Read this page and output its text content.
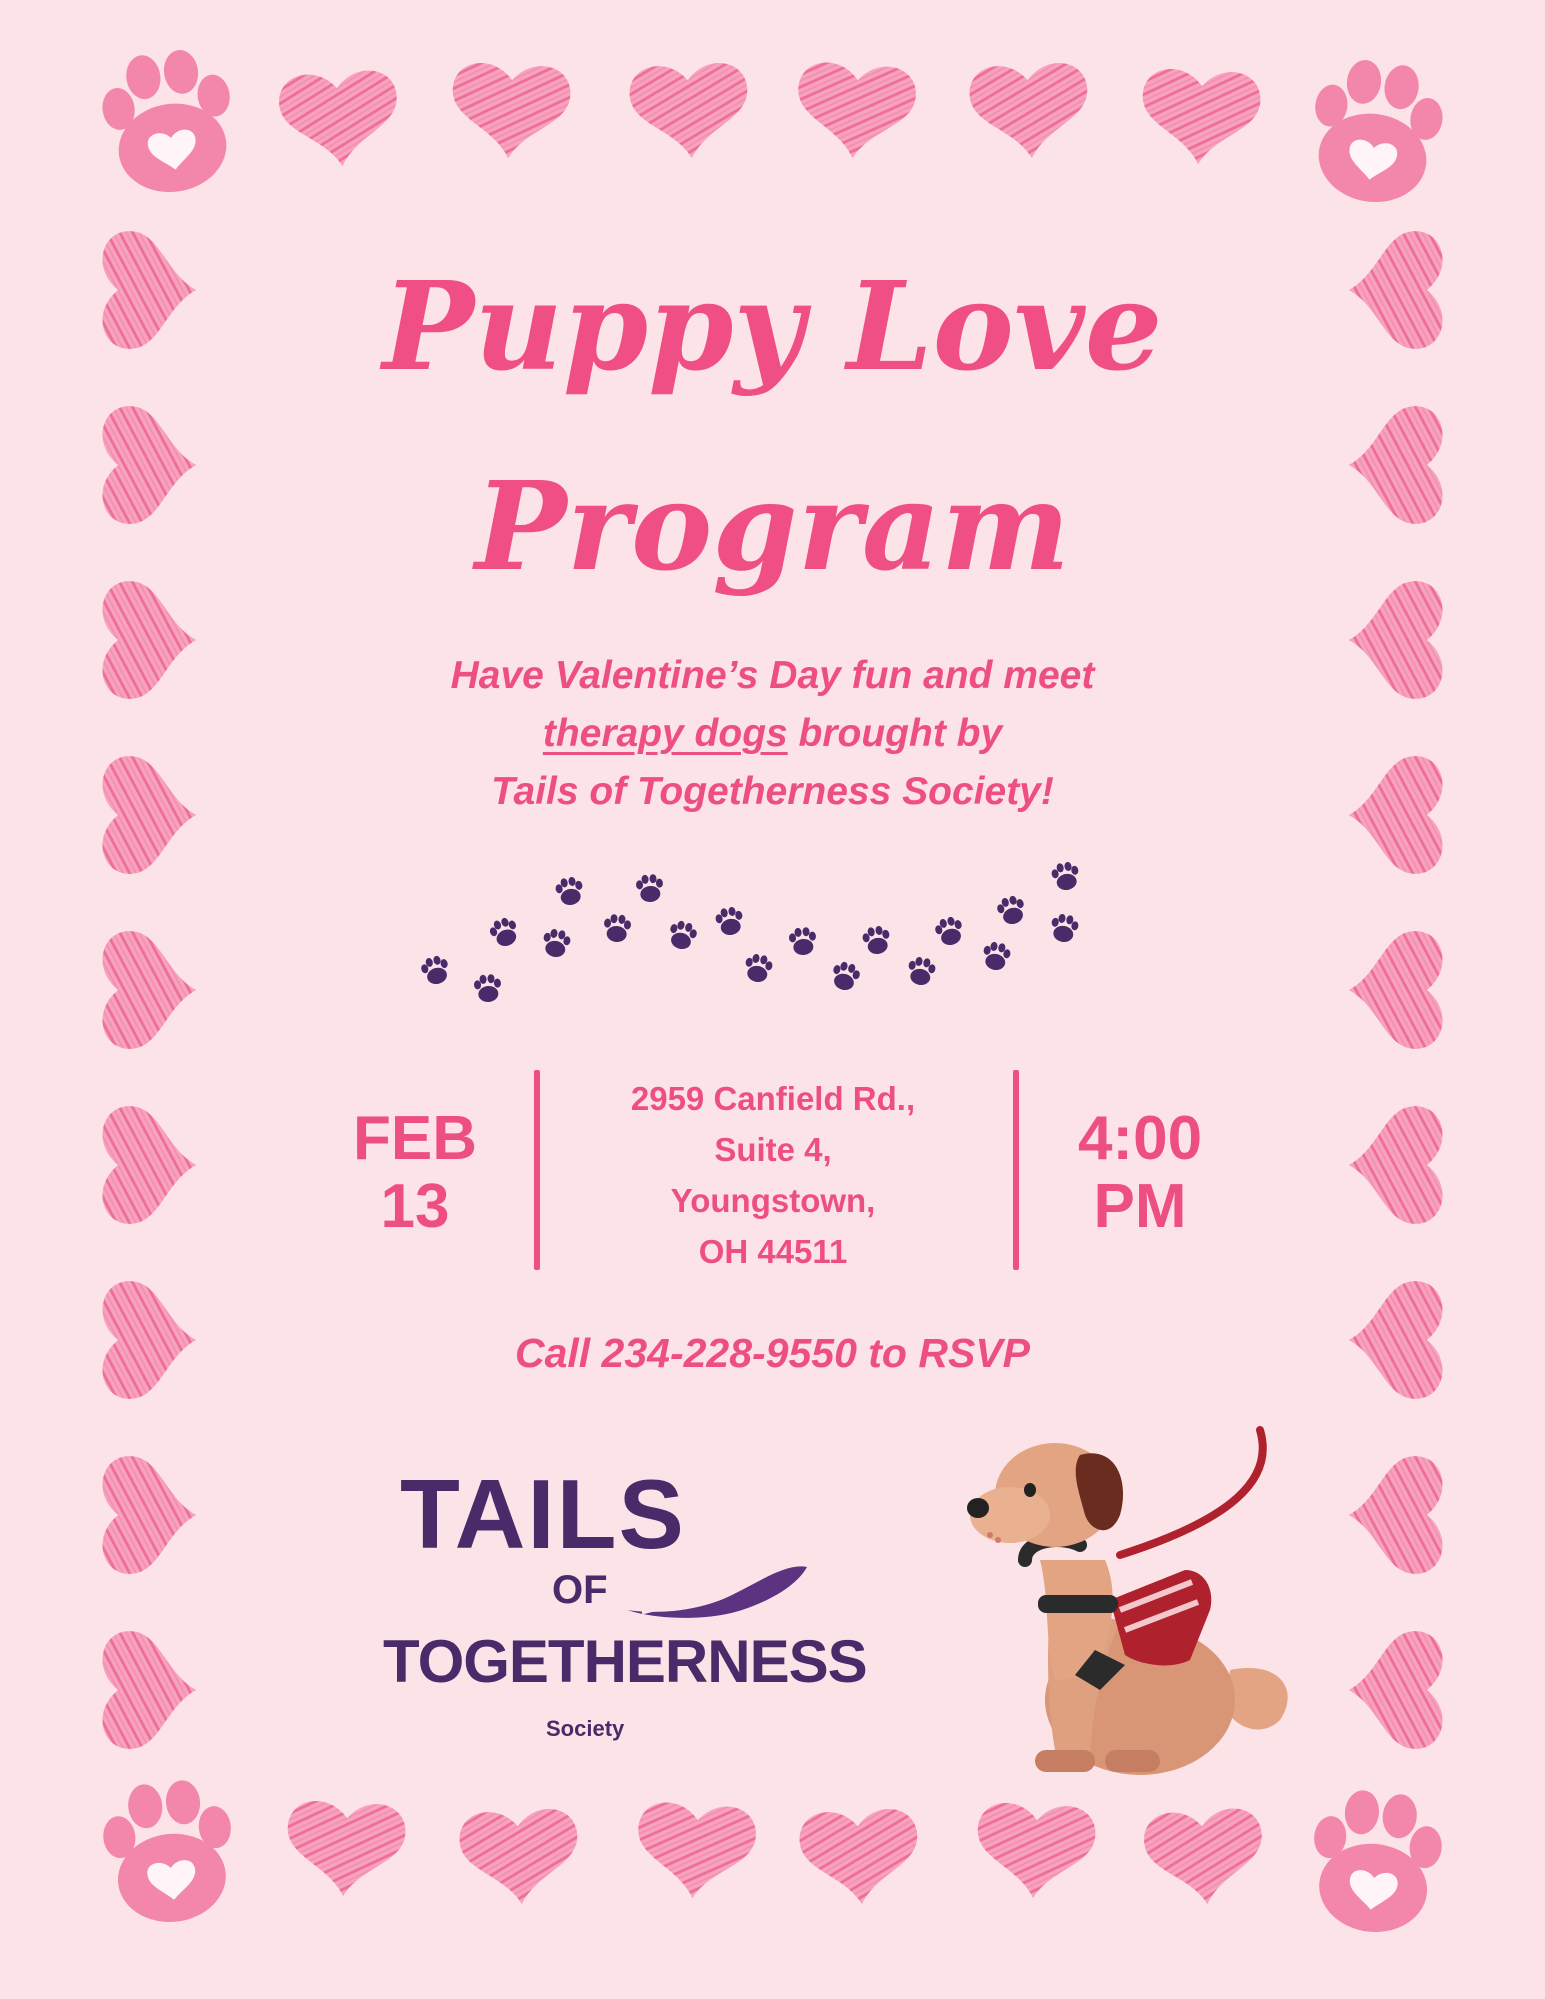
Puppy Love
Program
Have Valentine’s Day fun and meet
therapy dogs brought by
Tails of Togetherness Society!
FEB
13
2959 Canfield Rd.,
Suite 4,
Youngstown,
OH 44511
4:00
PM
Call 234-228-9550 to RSVP
TAILS
OF
TOGETHERNESS
Society
